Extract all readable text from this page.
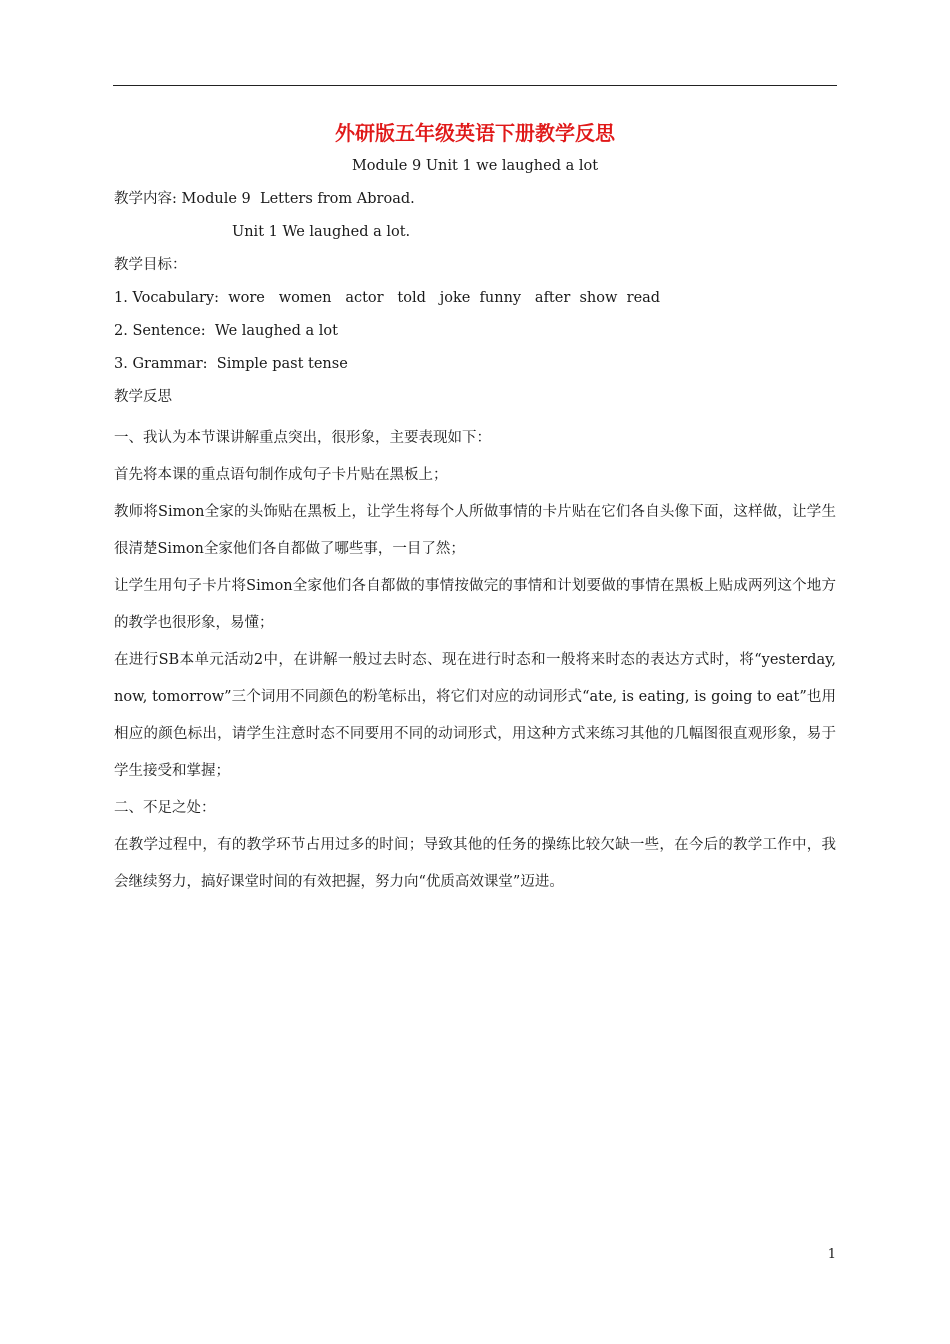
外研版五年级英语下册教学反思
Module 9 Unit 1 we laughed a lot
教学内容: Module 9  Letters from Abroad.
Unit 1 We laughed a lot.
教学目标：
1. Vocabulary:  wore   women   actor   told   joke  funny   after  show  read
2. Sentence:  We laughed a lot
3. Grammar:  Simple past tense
教学反思
一、我认为本节课讲解重点突出，很形象，主要表现如下：
首先将本课的重点语句制作成句子卡片贴在黑板上；
教师将Simon全家的头饰贴在黑板上，让学生将每个人所做事情的卡片贴在它们各自头像下面，这样做，让学生很清楚Simon全家他们各自都做了哪些事，一目了然；
让学生用句子卡片将Simon全家他们各自都做的事情按做完的事情和计划要做的事情在黑板上贴成两列这个地方的教学也很形象，易懂；
在进行SB本单元活动2中，在讲解一般过去时态、现在进行时态和一般将来时态的表达方式时，将“yesterday, now, tomorrow”三个词用不同颜色的粉笔标出，将它们对应的动词形式“ate, is eating, is going to eat”也用相应的颜色标出，请学生注意时态不同要用不同的动词形式，用这种方式来练习其他的几幅图很直观形象，易于学生接受和掌握；
二、不足之处：
在教学过程中，有的教学环节占用过多的时间；导致其他的任务的操练比较欠缺一些，在今后的教学工作中，我会继续努力，搞好课堂时间的有效把握，努力向“优质高效课堂”迈进。
1
